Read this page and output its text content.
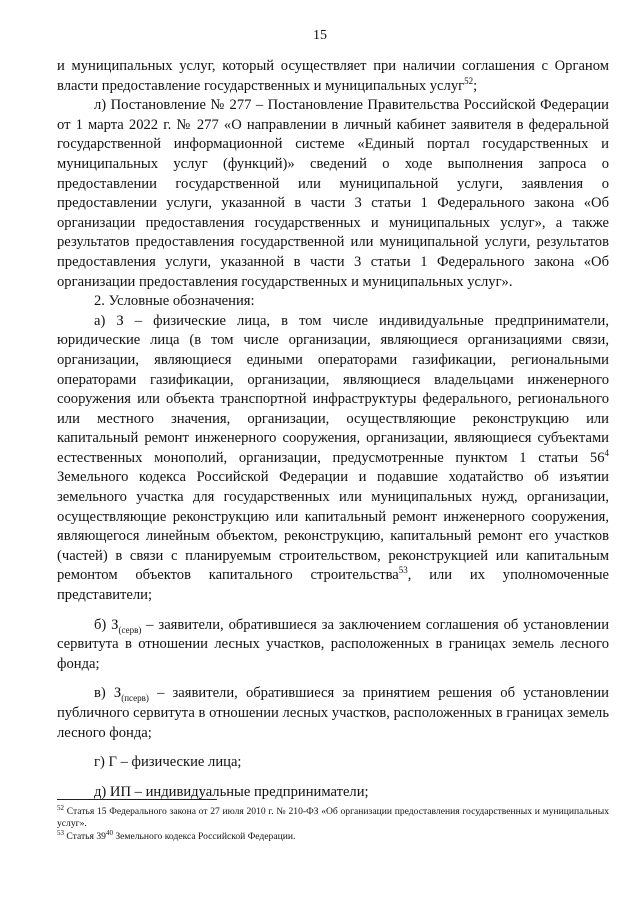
15

и муниципальных услуг, который осуществляет при наличии соглашения с Органом власти предоставление государственных и муниципальных услуг$^{52}$;

л) Постановление № 277 – Постановление Правительства Российской Федерации от 1 марта 2022 г. № 277 «О направлении в личный кабинет заявителя в федеральной государственной информационной системе «Единый портал государственных и муниципальных услуг (функций)» сведений о ходе выполнения запроса о предоставлении государственной или муниципальной услуги, заявления о предоставлении услуги, указанной в части 3 статьи 1 Федерального закона «Об организации предоставления государственных и муниципальных услуг», а также результатов предоставления государственной или муниципальной услуги, результатов предоставления услуги, указанной в части 3 статьи 1 Федерального закона «Об организации предоставления государственных и муниципальных услуг».

2. Условные обозначения:

а) З – физические лица, в том числе индивидуальные предприниматели, юридические лица (в том числе организации, являющиеся организациями связи, организации, являющиеся едиными операторами газификации, региональными операторами газификации, организации, являющиеся владельцами инженерного сооружения или объекта транспортной инфраструктуры федерального, регионального или местного значения, организации, осуществляющие реконструкцию или капитальный ремонт инженерного сооружения, организации, являющиеся субъектами естественных монополий, организации, предусмотренные пунктом 1 статьи $56^4$ Земельного кодекса Российской Федерации и подавшие ходатайство об изъятии земельного участка для государственных или муниципальных нужд, организации, осуществляющие реконструкцию или капитальный ремонт инженерного сооружения, являющегося линейным объектом, реконструкцию, капитальный ремонт его участков (частей) в связи с планируемым строительством, реконструкцией или капитальным ремонтом объектов капитального строительства$^{53}$, или их уполномоченные представители;

б) $З_{(серв)}$ – заявители, обратившиеся за заключением соглашения об установлении сервитута в отношении лесных участков, расположенных в границах земель лесного фонда;

в) $З_{(псерв)}$ – заявители, обратившиеся за принятием решения об установлении публичного сервитута в отношении лесных участков, расположенных в границах земель лесного фонда;

г) Г – физические лица;

д) ИП – индивидуальные предприниматели;

$^{52}$ Статья 15 Федерального закона от 27 июля 2010 г. № 210-ФЗ «Об организации предоставления государственных и муниципальных услуг».

$^{53}$ Статья $39^{40}$ Земельного кодекса Российской Федерации.
